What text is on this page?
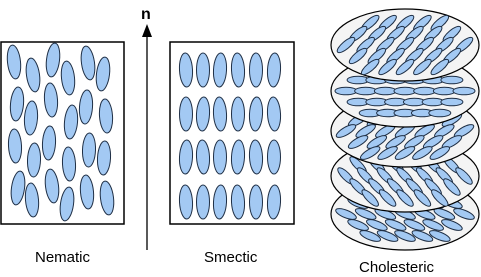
n
Nematic	Smectic
Cholesteric
